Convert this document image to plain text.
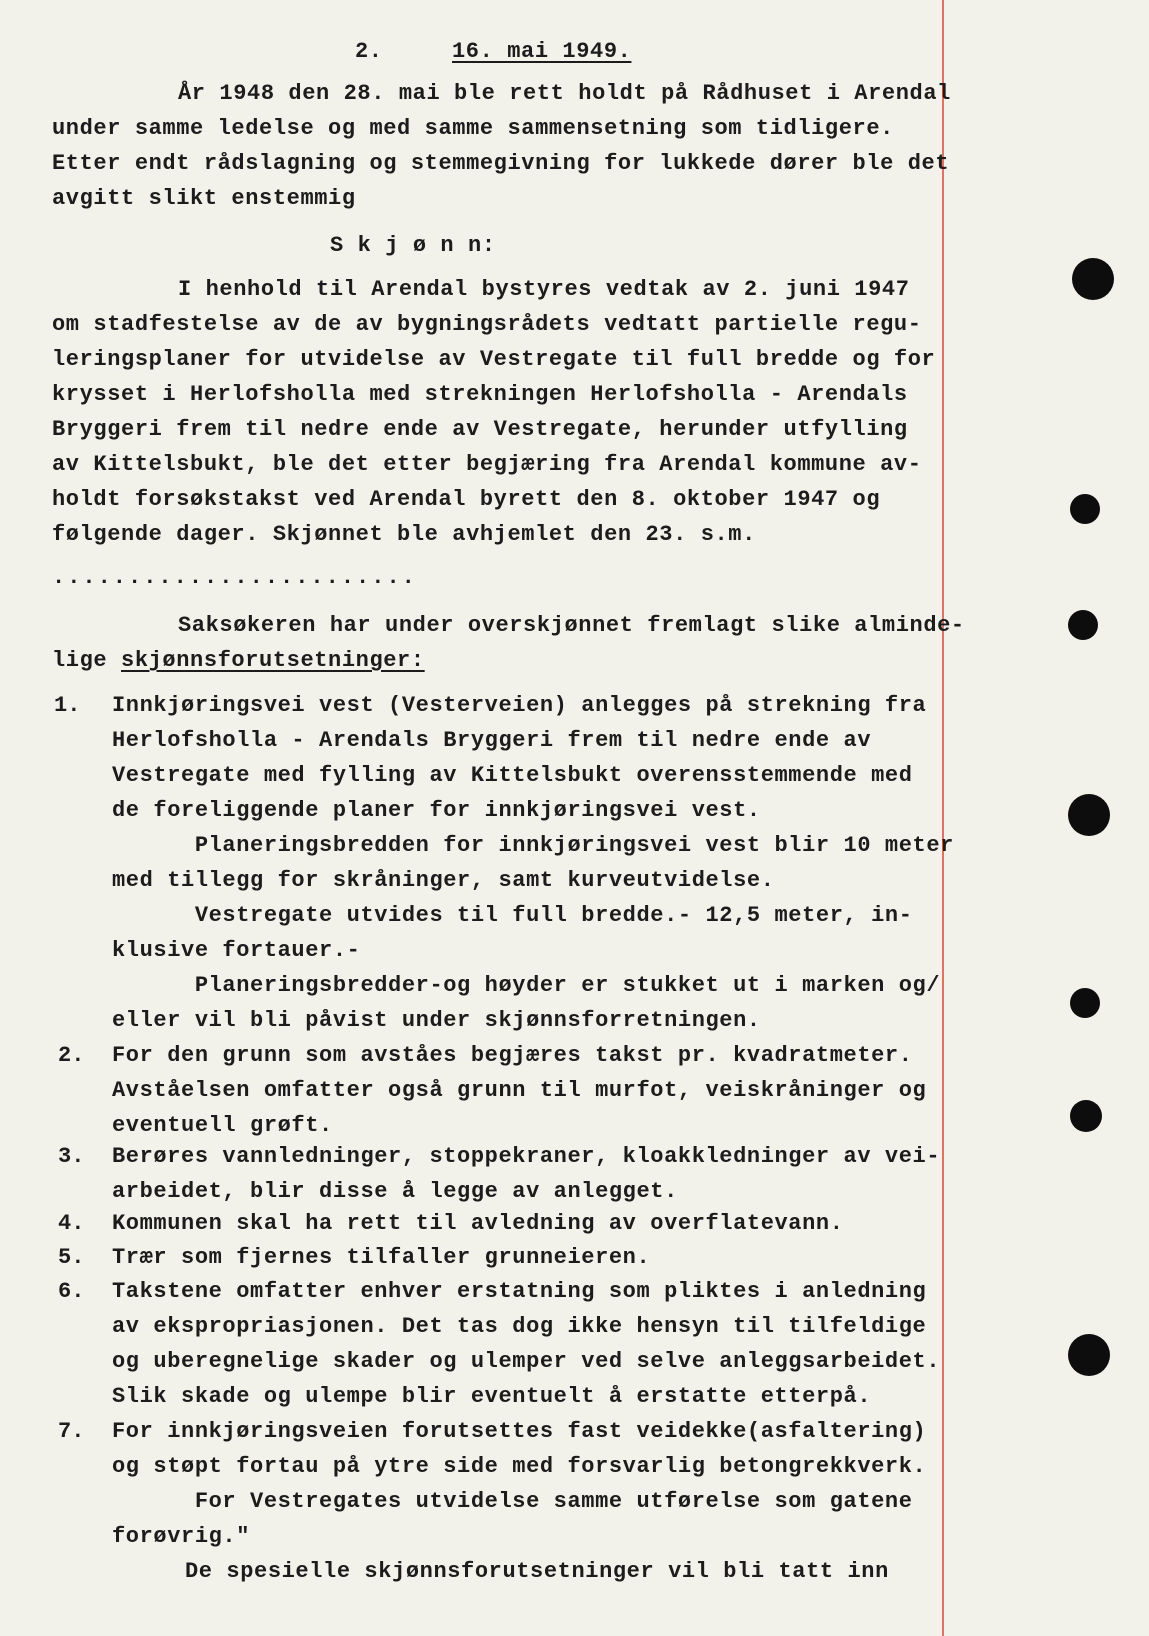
2.	16. mai 1949.
År 1948 den 28. mai ble rett holdt på Rådhuset i Arendal
under samme ledelse og med samme sammensetning som tidligere.
Etter endt rådslagning og stemmegivning for lukkede dører ble det
avgitt slikt enstemmig
S k j ø n n:
I henhold til Arendal bystyres vedtak av 2. juni 1947
om stadfestelse av de av bygningsrådets vedtatt partielle regu-
leringsplaner for utvidelse av Vestregate til full bredde og for
krysset i Herlofsholla med strekningen Herlofsholla - Arendals
Bryggeri frem til nedre ende av Vestregate, herunder utfylling
av Kittelsbukt, ble det etter begjæring fra Arendal kommune av-
holdt forsøkstakst ved Arendal byrett den 8. oktober 1947 og
følgende dager. Skjønnet ble avhjemlet den 23. s.m.
........................
Saksøkeren har under overskjønnet fremlagt slike alminde-
lige skjønnsforutsetninger:
1. Innkjøringsvei vest (Vesterveien) anlegges på strekning fra
Herlofsholla - Arendals Bryggeri frem til nedre ende av
Vestregate med fylling av Kittelsbukt overensstemmende med
de foreliggende planer for innkjøringsvei vest.
Planeringsbredden for innkjøringsvei vest blir 10 meter
med tillegg for skråninger, samt kurveutvidelse.
Vestregate utvides til full bredde.- 12,5 meter, in-
klusive fortauer.-
Planeringsbredder-og høyder er stukket ut i marken og/
eller vil bli påvist under skjønnsforretningen.
2. For den grunn som avståes begjæres takst pr. kvadratmeter.
Avståelsen omfatter også grunn til murfot, veiskråninger og
eventuell grøft.
3. Berøres vannledninger, stoppekraner, kloakkledninger av vei-
arbeidet, blir disse å legge av anlegget.
4. Kommunen skal ha rett til avledning av overflatevann.
5. Trær som fjernes tilfaller grunneieren.
6. Takstene omfatter enhver erstatning som pliktes i anledning
av ekspropriasjonen. Det tas dog ikke hensyn til tilfeldige
og uberegnelige skader og ulemper ved selve anleggsarbeidet.
Slik skade og ulempe blir eventuelt å erstatte etterpå.
7. For innkjøringsveien forutsettes fast veidekke(asfaltering)
og støpt fortau på ytre side med forsvarlig betongrekkverk.
For Vestregates utvidelse samme utførelse som gatene
forøvrig."
De spesielle skjønnsforutsetninger vil bli tatt inn
